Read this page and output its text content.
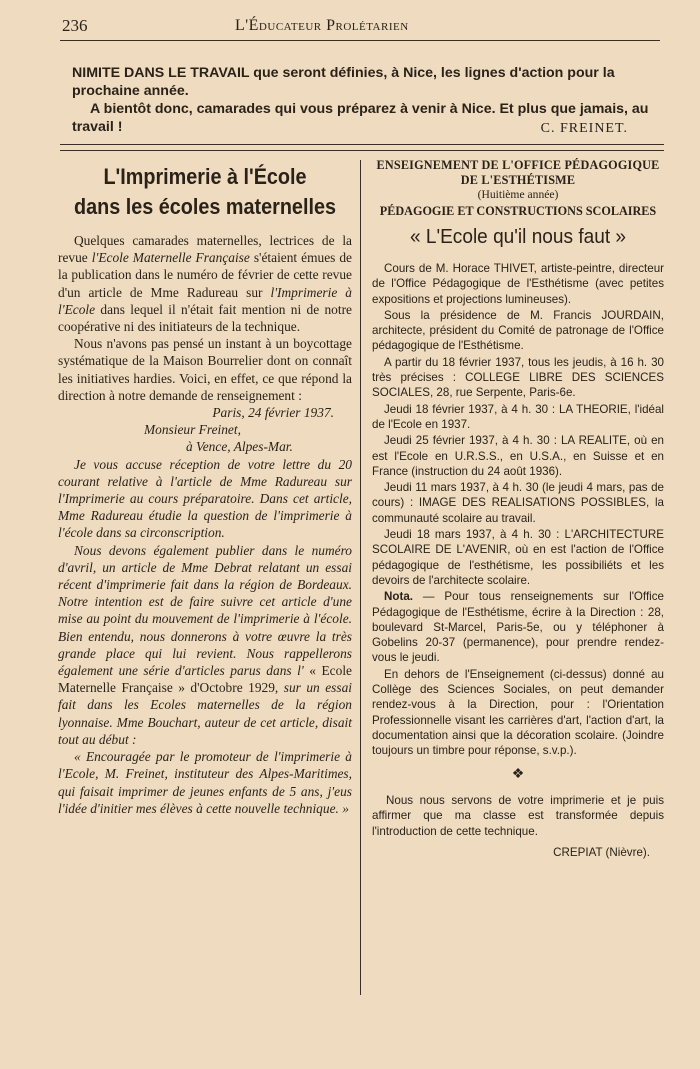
236	L'Éducateur Prolétarien

NIMITE DANS LE TRAVAIL que seront définies, à Nice, les lignes d'action pour la prochaine année.

A bientôt donc, camarades qui vous préparez à venir à Nice. Et plus que jamais, au travail !	C. FREINET.
L'Imprimerie à l'École
dans les écoles maternelles

Quelques camarades maternelles, lectrices de la revue l'Ecole Maternelle Française s'étaient émues de la publication dans le numéro de février de cette revue d'un article de Mme Radureau sur l'Imprimerie à l'Ecole dans lequel il n'était fait mention ni de notre coopérative ni des initiateurs de la technique.

Nous n'avons pas pensé un instant à un boycottage systématique de la Maison Bourrelier dont on connaît les initiatives hardies. Voici, en effet, ce que répond la direction à notre demande de renseignement :

Paris, 24 février 1937.

Monsieur Freinet,

à Vence, Alpes-Mar.

Je vous accuse réception de votre lettre du 20 courant relative à l'article de Mme Radureau sur l'Imprimerie au cours préparatoire. Dans cet article, Mme Radureau étudie la question de l'imprimerie à l'école dans sa circonscription.

Nous devons également publier dans le numéro d'avril, un article de Mme Debrat relatant un essai récent d'imprimerie fait dans la région de Bordeaux. Notre intention est de faire suivre cet article d'une mise au point du mouvement de l'imprimerie à l'école. Bien entendu, nous donnerons à votre œuvre la très grande place qui lui revient. Nous rappellerons également une série d'articles parus dans l' « Ecole Maternelle Française » d'Octobre 1929, sur un essai fait dans les Ecoles maternelles de la région lyonnaise. Mme Bouchart, auteur de cet article, disait tout au début :

« Encouragée par le promoteur de l'imprimerie à l'Ecole, M. Freinet, instituteur des Alpes-Maritimes, qui faisait imprimer de jeunes enfants de 5 ans, j'eus l'idée d'initier mes élèves à cette nouvelle technique. »

ENSEIGNEMENT DE L'OFFICE PÉDAGOGIQUE DE L'ESTHÉTISME
(Huitième année)
PÉDAGOGIE ET CONSTRUCTIONS SCOLAIRES
« L'Ecole qu'il nous faut »

Cours de M. Horace THIVET, artiste-peintre, directeur de l'Office Pédagogique de l'Esthétisme (avec petites expositions et projections lumineuses).

Sous la présidence de M. Francis JOURDAIN, architecte, président du Comité de patronage de l'Office pédagogique de l'Esthétisme.

A partir du 18 février 1937, tous les jeudis, à 16 h. 30 très précises : COLLEGE LIBRE DES SCIENCES SOCIALES, 28, rue Serpente, Paris-6e.

Jeudi 18 février 1937, à 4 h. 30 : LA THEORIE, l'idéal de l'Ecole en 1937.

Jeudi 25 février 1937, à 4 h. 30 : LA REALITE, où en est l'Ecole en U.R.S.S., en U.S.A., en Suisse et en France (instruction du 24 août 1936).

Jeudi 11 mars 1937, à 4 h. 30 (le jeudi 4 mars, pas de cours) : IMAGE DES REALISATIONS POSSIBLES, la communauté scolaire au travail.

Jeudi 18 mars 1937, à 4 h. 30 : L'ARCHITECTURE SCOLAIRE DE L'AVENIR, où en est l'action de l'Office pédagogique de l'esthétisme, les possibiliéts et les devoirs de l'architecte scolaire.

Nota. — Pour tous renseignements sur l'Office Pédagogique de l'Esthétisme, écrire à la Direction : 28, boulevard St-Marcel, Paris-5e, ou y téléphoner à Gobelins 20-37 (permanence), pour prendre rendez-vous le jeudi.

En dehors de l'Enseignement (ci-dessus) donné au Collège des Sciences Sociales, on peut demander rendez-vous à la Direction, pour : l'Orientation Professionnelle visant les carrières d'art, l'action d'art, la documentation ainsi que la décoration scolaire. (Joindre toujours un timbre pour réponse, s.v.p.).

❖

Nous nous servons de votre imprimerie et je puis affirmer que ma classe est transformée depuis l'introduction de cette technique.

CREPIAT (Nièvre).
